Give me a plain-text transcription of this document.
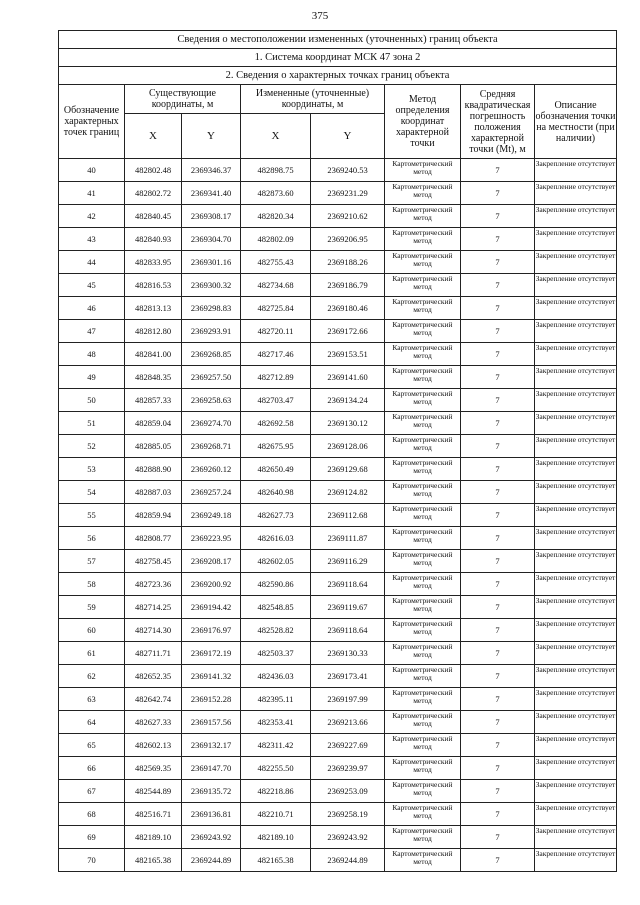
375
Сведения о местоположении измененных (уточненных) границ объекта							
1. Система координат МСК 47 зона 2							
2. Сведения о характерных точках границ объекта							
Обозначение характерных точек границ	Существующие координаты, м		Измененные (уточненные) координаты, м		Метод определения координат характерной точки	Средняя квадратическая погрешность положения характерной точки (Mt), м	Описание обозначения точки на местности (при наличии)
	X	Y	X	Y			
40	482802.48	2369346.37	482898.75	2369240.53	Картометрический метод	7	Закрепление отсутствует
41	482802.72	2369341.40	482873.60	2369231.29	Картометрический метод	7	Закрепление отсутствует
42	482840.45	2369308.17	482820.34	2369210.62	Картометрический метод	7	Закрепление отсутствует
43	482840.93	2369304.70	482802.09	2369206.95	Картометрический метод	7	Закрепление отсутствует
44	482833.95	2369301.16	482755.43	2369188.26	Картометрический метод	7	Закрепление отсутствует
45	482816.53	2369300.32	482734.68	2369186.79	Картометрический метод	7	Закрепление отсутствует
46	482813.13	2369298.83	482725.84	2369180.46	Картометрический метод	7	Закрепление отсутствует
47	482812.80	2369293.91	482720.11	2369172.66	Картометрический метод	7	Закрепление отсутствует
48	482841.00	2369268.85	482717.46	2369153.51	Картометрический метод	7	Закрепление отсутствует
49	482848.35	2369257.50	482712.89	2369141.60	Картометрический метод	7	Закрепление отсутствует
50	482857.33	2369258.63	482703.47	2369134.24	Картометрический метод	7	Закрепление отсутствует
51	482859.04	2369274.70	482692.58	2369130.12	Картометрический метод	7	Закрепление отсутствует
52	482885.05	2369268.71	482675.95	2369128.06	Картометрический метод	7	Закрепление отсутствует
53	482888.90	2369260.12	482650.49	2369129.68	Картометрический метод	7	Закрепление отсутствует
54	482887.03	2369257.24	482640.98	2369124.82	Картометрический метод	7	Закрепление отсутствует
55	482859.94	2369249.18	482627.73	2369112.68	Картометрический метод	7	Закрепление отсутствует
56	482808.77	2369223.95	482616.03	2369111.87	Картометрический метод	7	Закрепление отсутствует
57	482758.45	2369208.17	482602.05	2369116.29	Картометрический метод	7	Закрепление отсутствует
58	482723.36	2369200.92	482590.86	2369118.64	Картометрический метод	7	Закрепление отсутствует
59	482714.25	2369194.42	482548.85	2369119.67	Картометрический метод	7	Закрепление отсутствует
60	482714.30	2369176.97	482528.82	2369118.64	Картометрический метод	7	Закрепление отсутствует
61	482711.71	2369172.19	482503.37	2369130.33	Картометрический метод	7	Закрепление отсутствует
62	482652.35	2369141.32	482436.03	2369173.41	Картометрический метод	7	Закрепление отсутствует
63	482642.74	2369152.28	482395.11	2369197.99	Картометрический метод	7	Закрепление отсутствует
64	482627.33	2369157.56	482353.41	2369213.66	Картометрический метод	7	Закрепление отсутствует
65	482602.13	2369132.17	482311.42	2369227.69	Картометрический метод	7	Закрепление отсутствует
66	482569.35	2369147.70	482255.50	2369239.97	Картометрический метод	7	Закрепление отсутствует
67	482544.89	2369135.72	482218.86	2369253.09	Картометрический метод	7	Закрепление отсутствует
68	482516.71	2369136.81	482210.71	2369258.19	Картометрический метод	7	Закрепление отсутствует
69	482189.10	2369243.92	482189.10	2369243.92	Картометрический метод	7	Закрепление отсутствует
70	482165.38	2369244.89	482165.38	2369244.89	Картометрический метод	7	Закрепление отсутствует
